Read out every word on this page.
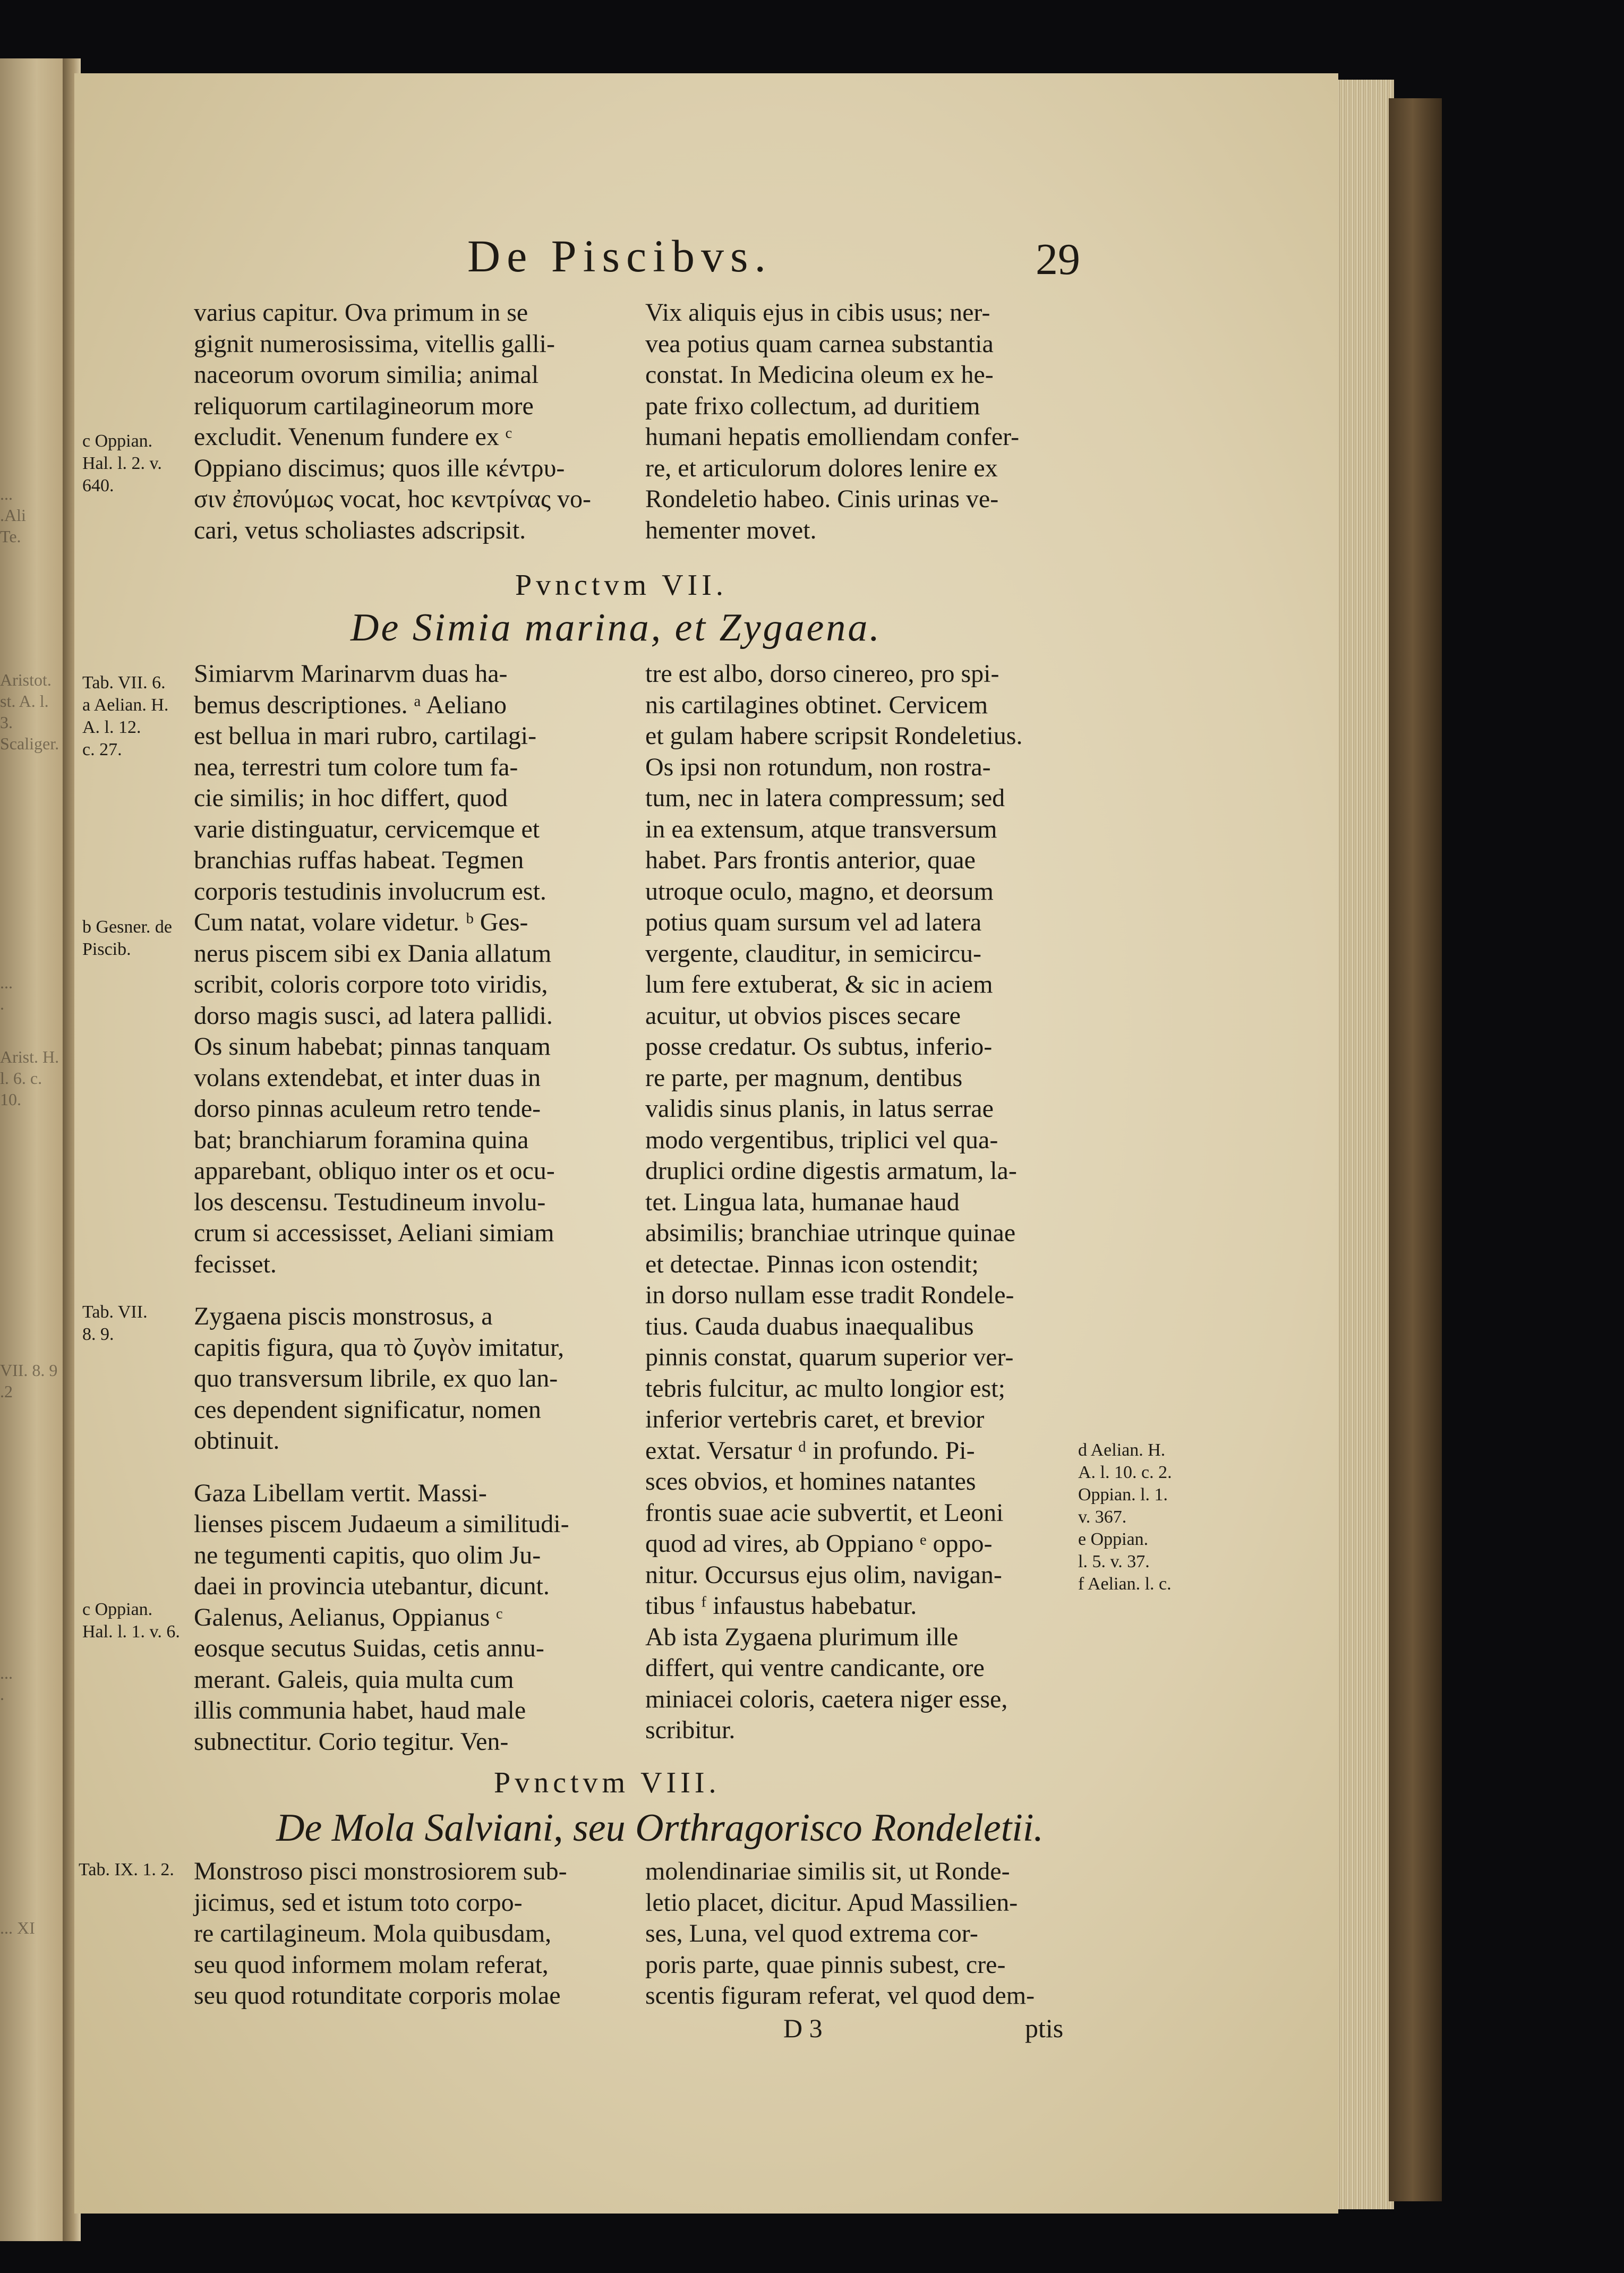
...
.Ali
Te.
Aristot.
st. A. l.
3.
Scaliger.
...
.
Arist. H.
l. 6. c. 10.
VII. 8. 9
.2
...
.
... XI
De Piscibvs.	29

varius capitur. Ova primum in se
gignit numerosissima, vitellis galli-
naceorum ovorum similia; animal
reliquorum cartilagineorum more
excludit. Venenum fundere ex ᶜ
Oppiano discimus; quos ille κέντρυ-
σιν ἐπονύμως vocat, hoc κεντρίνας vo-
cari, vetus scholiastes adscripsit.

Vix aliquis ejus in cibis usus; ner-
vea potius quam carnea substantia
constat. In Medicina oleum ex he-
pate frixo collectum, ad duritiem
humani hepatis emolliendam confer-
re, et articulorum dolores lenire ex
Rondeletio habeo. Cinis urinas ve-
hementer movet.

Pvnctvm VII.
De Simia marina, et Zygaena.

Simiarvm Marinarvm duas ha-
bemus descriptiones. ᵃ Aeliano
est bellua in mari rubro, cartilagi-
nea, terrestri tum colore tum fa-
cie similis; in hoc differt, quod
varie distinguatur, cervicemque et
branchias ruffas habeat. Tegmen
corporis testudinis involucrum est.
Cum natat, volare videtur. ᵇ Ges-
nerus piscem sibi ex Dania allatum
scribit, coloris corpore toto viridis,
dorso magis susci, ad latera pallidi.
Os sinum habebat; pinnas tanquam
volans extendebat, et inter duas in
dorso pinnas aculeum retro tende-
bat; branchiarum foramina quina
apparebant, obliquo inter os et ocu-
los descensu. Testudineum involu-
crum si accessisset, Aeliani simiam
fecisset.

Zygaena piscis monstrosus, a
capitis figura, qua τὸ ζυγὸν imitatur,
quo transversum librile, ex quo lan-
ces dependent significatur, nomen
obtinuit.

Gaza Libellam vertit. Massi-
lienses piscem Judaeum a similitudi-
ne tegumenti capitis, quo olim Ju-
daei in provincia utebantur, dicunt.
Galenus, Aelianus, Oppianus ᶜ
eosque secutus Suidas, cetis annu-
merant. Galeis, quia multa cum
illis communia habet, haud male
subnectitur. Corio tegitur. Ven-

tre est albo, dorso cinereo, pro spi-
nis cartilagines obtinet. Cervicem
et gulam habere scripsit Rondeletius.
Os ipsi non rotundum, non rostra-
tum, nec in latera compressum; sed
in ea extensum, atque transversum
habet. Pars frontis anterior, quae
utroque oculo, magno, et deorsum
potius quam sursum vel ad latera
vergente, clauditur, in semicircu-
lum fere extuberat, & sic in aciem
acuitur, ut obvios pisces secare
posse credatur. Os subtus, inferio-
re parte, per magnum, dentibus
validis sinus planis, in latus serrae
modo vergentibus, triplici vel qua-
druplici ordine digestis armatum, la-
tet. Lingua lata, humanae haud
absimilis; branchiae utrinque quinae
et detectae. Pinnas icon ostendit;
in dorso nullam esse tradit Rondele-
tius. Cauda duabus inaequalibus
pinnis constat, quarum superior ver-
tebris fulcitur, ac multo longior est;
inferior vertebris caret, et brevior
extat. Versatur ᵈ in profundo. Pi-
sces obvios, et homines natantes
frontis suae acie subvertit, et Leoni
quod ad vires, ab Oppiano ᵉ oppo-
nitur. Occursus ejus olim, navigan-
tibus ᶠ infaustus habebatur.

Ab ista Zygaena plurimum ille
differt, qui ventre candicante, ore
miniacei coloris, caetera niger esse,
scribitur.

Pvnctvm VIII.
De Mola Salviani, seu Orthragorisco Rondeletii.

Monstroso pisci monstrosiorem sub-
jicimus, sed et istum toto corpo-
re cartilagineum. Mola quibusdam,
seu quod informem molam referat,
seu quod rotunditate corporis molae

molendinariae similis sit, ut Ronde-
letio placet, dicitur. Apud Massilien-
ses, Luna, vel quod extrema cor-
poris parte, quae pinnis subest, cre-
scentis figuram referat, vel quod dem-

c Oppian.
Hal. l. 2. v.
640.
Tab. VII. 6.
a Aelian. H.
A. l. 12.
c. 27.
b Gesner. de
Piscib.
Tab. VII.
8. 9.
c Oppian.
Hal. l. 1. v. 6.
Tab. IX. 1. 2.
d Aelian. H.
A. l. 10. c. 2.
Oppian. l. 1.
v. 367.
e Oppian.
l. 5. v. 37.
f Aelian. l. c.
D 3	ptis
